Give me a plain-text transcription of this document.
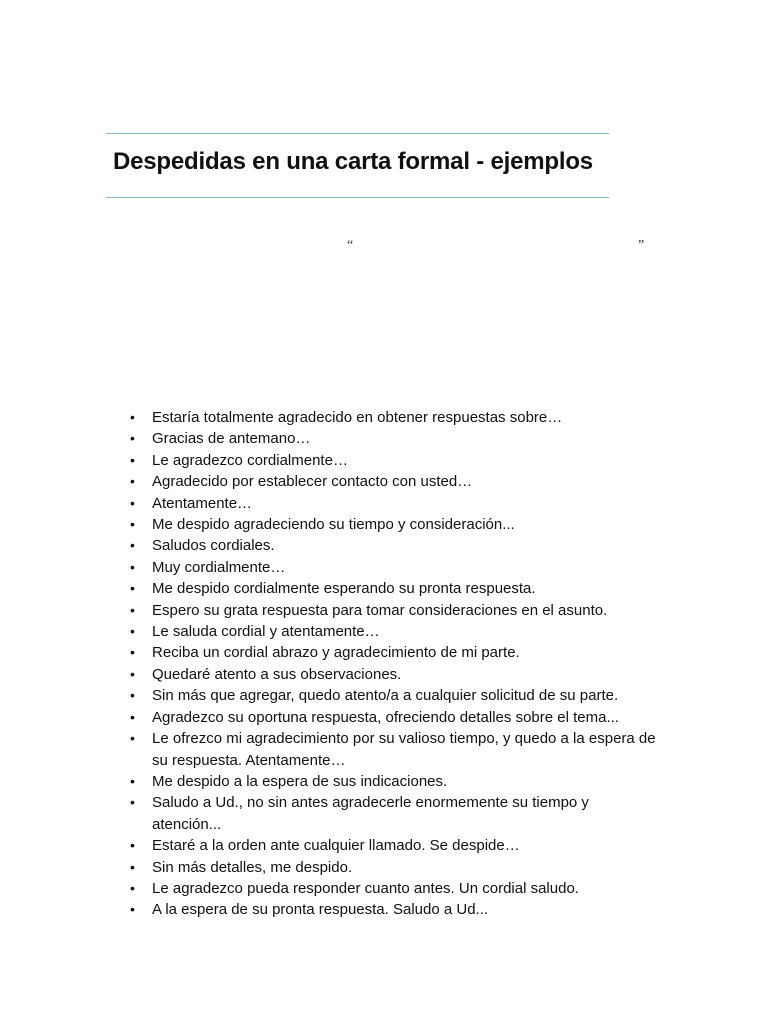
Despedidas en una carta formal - ejemplos
“	”
• Estaría totalmente agradecido en obtener respuestas sobre…
• Gracias de antemano…
• Le agradezco cordialmente…
• Agradecido por establecer contacto con usted…
• Atentamente…
• Me despido agradeciendo su tiempo y consideración...
• Saludos cordiales.
• Muy cordialmente…
• Me despido cordialmente esperando su pronta respuesta.
• Espero su grata respuesta para tomar consideraciones en el asunto.
• Le saluda cordial y atentamente…
• Reciba un cordial abrazo y agradecimiento de mi parte.
• Quedaré atento a sus observaciones.
• Sin más que agregar, quedo atento/a a cualquier solicitud de su parte.
• Agradezco su oportuna respuesta, ofreciendo detalles sobre el tema...
• Le ofrezco mi agradecimiento por su valioso tiempo, y quedo a la espera de su respuesta. Atentamente…
• Me despido a la espera de sus indicaciones.
• Saludo a Ud., no sin antes agradecerle enormemente su tiempo y atención...
• Estaré a la orden ante cualquier llamado. Se despide…
• Sin más detalles, me despido.
• Le agradezco pueda responder cuanto antes. Un cordial saludo.
• A la espera de su pronta respuesta. Saludo a Ud...
